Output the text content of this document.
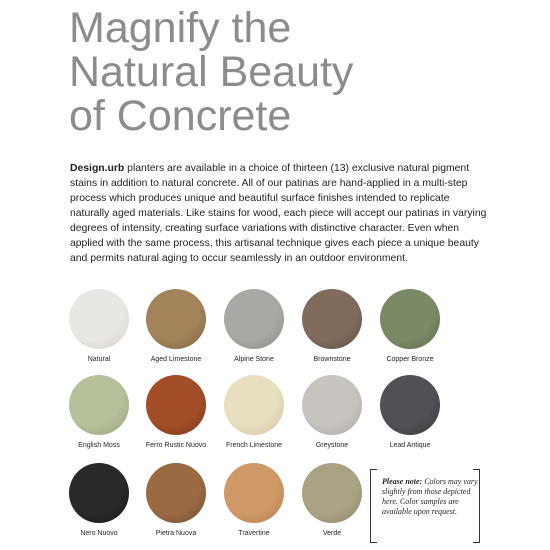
Magnify the
Natural Beauty
of Concrete

Design.urb planters are available in a choice of thirteen (13) exclusive natural pigment stains in addition to natural concrete. All of our patinas are hand-applied in a multi-step process which produces unique and beautiful surface finishes intended to replicate naturally aged materials. Like stains for wood, each piece will accept our patinas in varying degrees of intensity, creating surface variations with distinctive character. Even when applied with the same process, this artisanal technique gives each piece a unique beauty and permits natural aging to occur seamlessly in an outdoor environment.

Natural	Aged Limestone	Alpine Stone	Brownstone	Copper Bronze
English Moss	Ferro Rustic Nuovo	French Limestone	Greystone	Lead Antique
Nero Nuovo	Pietra Nuova	Travertine	Verde

Please note: Colors may vary slightly from those depicted here. Color samples are available upon request.
